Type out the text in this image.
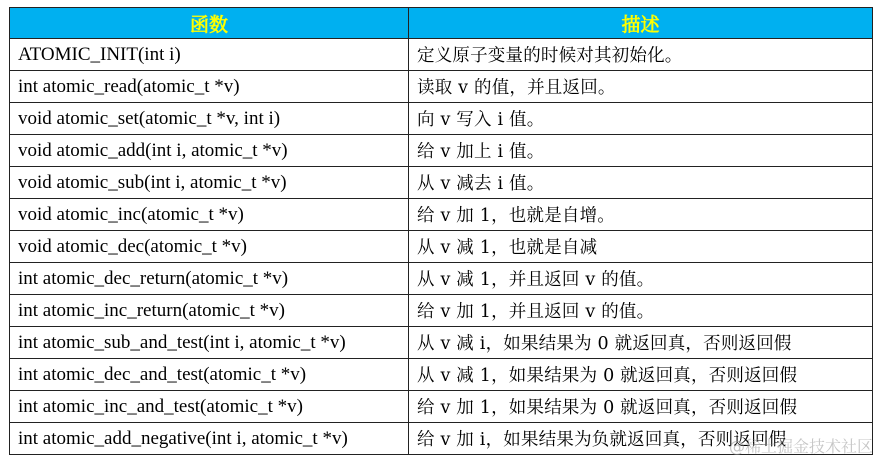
函数	描述
ATOMIC_INIT(int i)	定义原子变量的时候对其初始化。
int atomic_read(atomic_t *v)	读取 v 的值，并且返回。
void atomic_set(atomic_t *v, int i)	向 v 写入 i 值。
void atomic_add(int i, atomic_t *v)	给 v 加上 i 值。
void atomic_sub(int i, atomic_t *v)	从 v 减去 i 值。
void atomic_inc(atomic_t *v)	给 v 加 1，也就是自增。
void atomic_dec(atomic_t *v)	从 v 减 1，也就是自减
int atomic_dec_return(atomic_t *v)	从 v 减 1，并且返回 v 的值。
int atomic_inc_return(atomic_t *v)	给 v 加 1，并且返回 v 的值。
int atomic_sub_and_test(int i, atomic_t *v)	从 v 减 i，如果结果为 0 就返回真，否则返回假
int atomic_dec_and_test(atomic_t *v)	从 v 减 1，如果结果为 0 就返回真，否则返回假
int atomic_inc_and_test(atomic_t *v)	给 v 加 1，如果结果为 0 就返回真，否则返回假
int atomic_add_negative(int i, atomic_t *v)	给 v 加 i，如果结果为负就返回真，否则返回假
@稀土掘金技术社区
